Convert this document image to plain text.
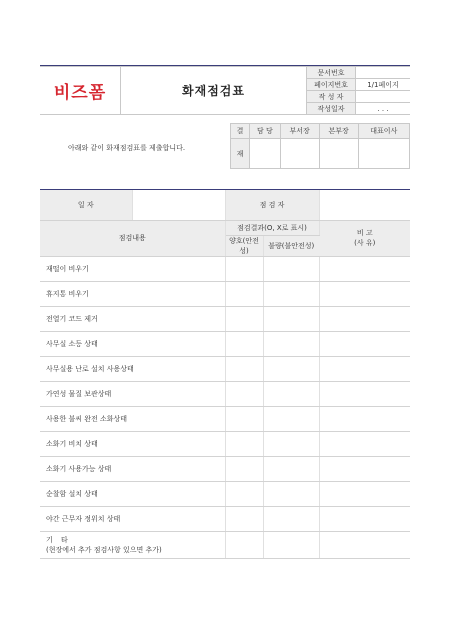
비즈폼	화재점검표	문서번호	
		페이지번호	1/1페이지
		작 성 자	
		작성일자	. . .
아래와 같이 화재점검표를 제출합니다.
결	담 당	부서장	본부장	대표이사
재				
일 자		점 검 자		
점검내용		점검결과(O, X로 표시)		비 고
(사 유)

		양호(안전성)	불량(불안전성)	
재떨이 비우기				
휴지통 비우기				
전열기 코드 제거				
사무실 소등 상태				
사무실용 난로 설치 사용상태				
가연성 물질 보관상태				
사용한 불씨 완전 소화상태				
소화기 비치 상태				
소화기 사용가능 상태				
순찰함 설치 상태				
야간 근무자 정위치 상태				

기 타
(현장에서 추가 점검사항 있으면 추가)				
